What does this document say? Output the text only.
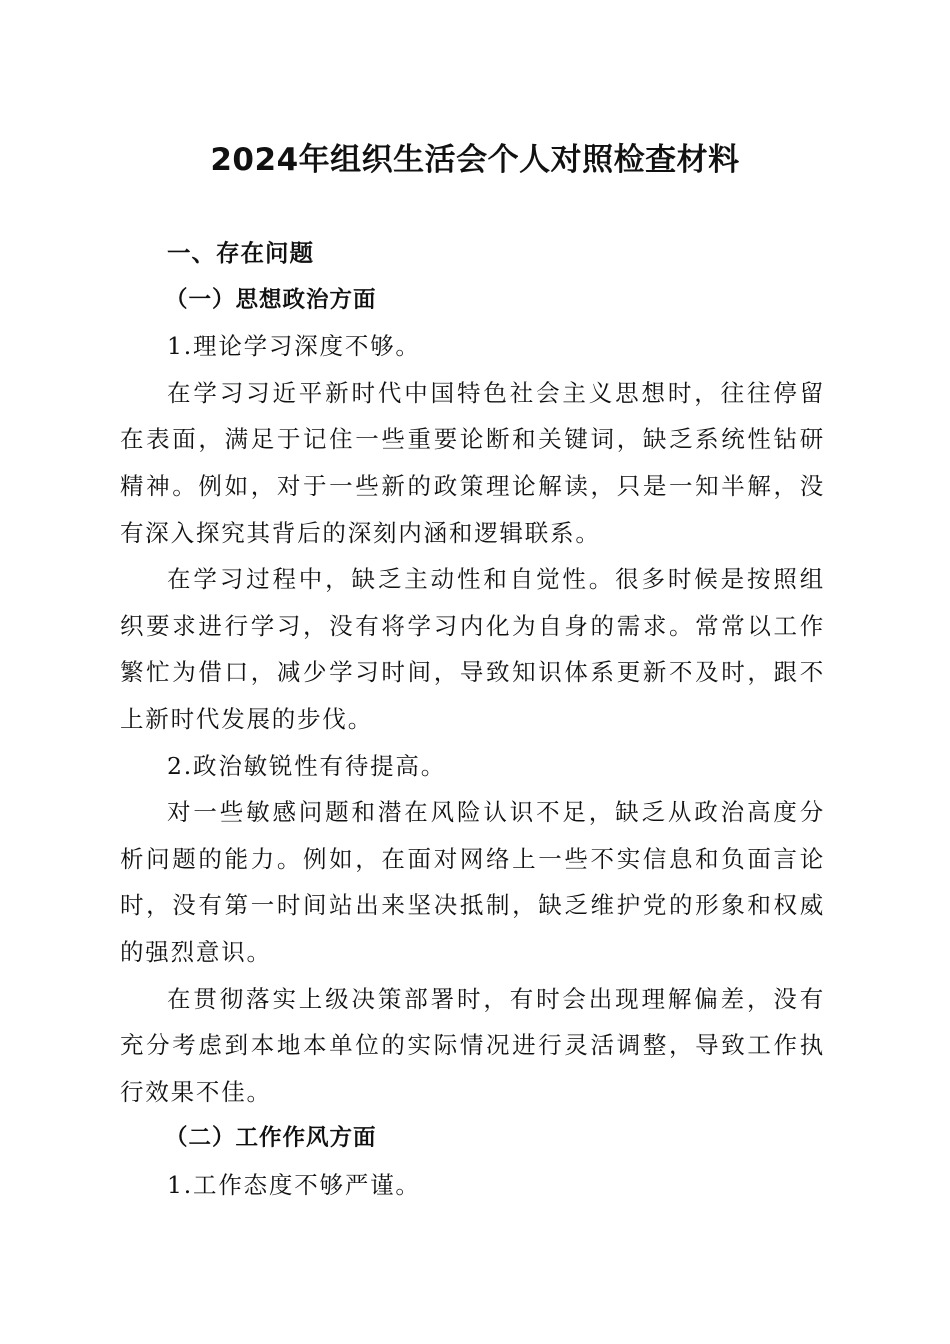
2024年组织生活会个人对照检查材料

一、存在问题

（一）思想政治方面

1.理论学习深度不够。

在学习习近平新时代中国特色社会主义思想时，往往停留
在表面，满足于记住一些重要论断和关键词，缺乏系统性钻研
精神。例如，对于一些新的政策理论解读，只是一知半解，没
有深入探究其背后的深刻内涵和逻辑联系。

在学习过程中，缺乏主动性和自觉性。很多时候是按照组
织要求进行学习，没有将学习内化为自身的需求。常常以工作
繁忙为借口，减少学习时间，导致知识体系更新不及时，跟不
上新时代发展的步伐。

2.政治敏锐性有待提高。

对一些敏感问题和潜在风险认识不足，缺乏从政治高度分
析问题的能力。例如，在面对网络上一些不实信息和负面言论
时，没有第一时间站出来坚决抵制，缺乏维护党的形象和权威
的强烈意识。

在贯彻落实上级决策部署时，有时会出现理解偏差，没有
充分考虑到本地本单位的实际情况进行灵活调整，导致工作执
行效果不佳。

（二）工作作风方面

1.工作态度不够严谨。
